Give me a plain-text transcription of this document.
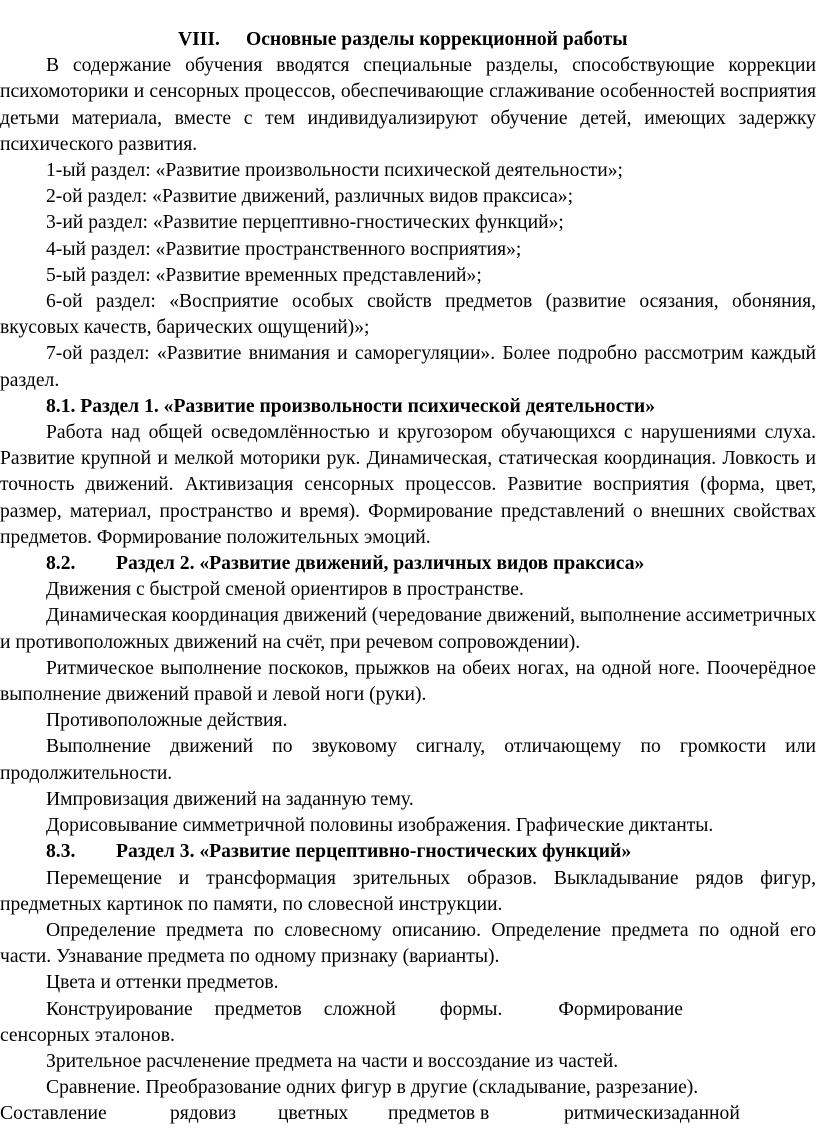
VIII. Основные разделы коррекционной работы

В содержание обучения вводятся специальные разделы, способствующие коррекции психомоторики и сенсорных процессов, обеспечивающие сглаживание особенностей восприятия детьми материала, вместе с тем индивидуализируют обучение детей, имеющих задержку психического развития.

1-ый раздел: «Развитие произвольности психической деятельности»;

2-ой раздел: «Развитие движений, различных видов праксиса»;

3-ий раздел: «Развитие перцептивно-гностических функций»;

4-ый раздел: «Развитие пространственного восприятия»;

5-ый раздел: «Развитие временных представлений»;

6-ой раздел: «Восприятие особых свойств предметов (развитие осязания, обоняния, вкусовых качеств, барических ощущений)»;

7-ой раздел: «Развитие внимания и саморегуляции». Более подробно рассмотрим каждый раздел.

8.1. Раздел 1. «Развитие произвольности психической деятельности»

Работа над общей осведомлённостью и кругозором обучающихся с нарушениями слуха. Развитие крупной и мелкой моторики рук. Динамическая, статическая координация. Ловкость и точность движений. Активизация сенсорных процессов. Развитие восприятия (форма, цвет, размер, материал, пространство и время). Формирование представлений о внешних свойствах предметов. Формирование положительных эмоций.

8.2. Раздел 2. «Развитие движений, различных видов праксиса»

Движения с быстрой сменой ориентиров в пространстве.

Динамическая координация движений (чередование движений, выполнение ассиметричных и противоположных движений на счёт, при речевом сопровождении).

Ритмическое выполнение поскоков, прыжков на обеих ногах, на одной ноге. Поочерёдное выполнение движений правой и левой ноги (руки).

Противоположные действия.

Выполнение движений по звуковому сигналу, отличающему по громкости или продолжительности.

Импровизация движений на заданную тему.

Дорисовывание симметричной половины изображения. Графические диктанты.

8.3. Раздел 3. «Развитие перцептивно-гностических функций»

Перемещение и трансформация зрительных образов. Выкладывание рядов фигур, предметных картинок по памяти, по словесной инструкции.

Определение предмета по словесному описанию. Определение предмета по одной его части. Узнавание предмета по одному признаку (варианты).

Цвета и оттенки предметов.

Конструирование предметов сложной формы.	Формирование
сенсорных эталонов.

Зрительное расчленение предмета на части и воссоздание из частей.

Сравнение. Преобразование одних фигур в другие (складывание, разрезание).

Составление	рядовиз	цветных	предметов в	ритмическизаданной
